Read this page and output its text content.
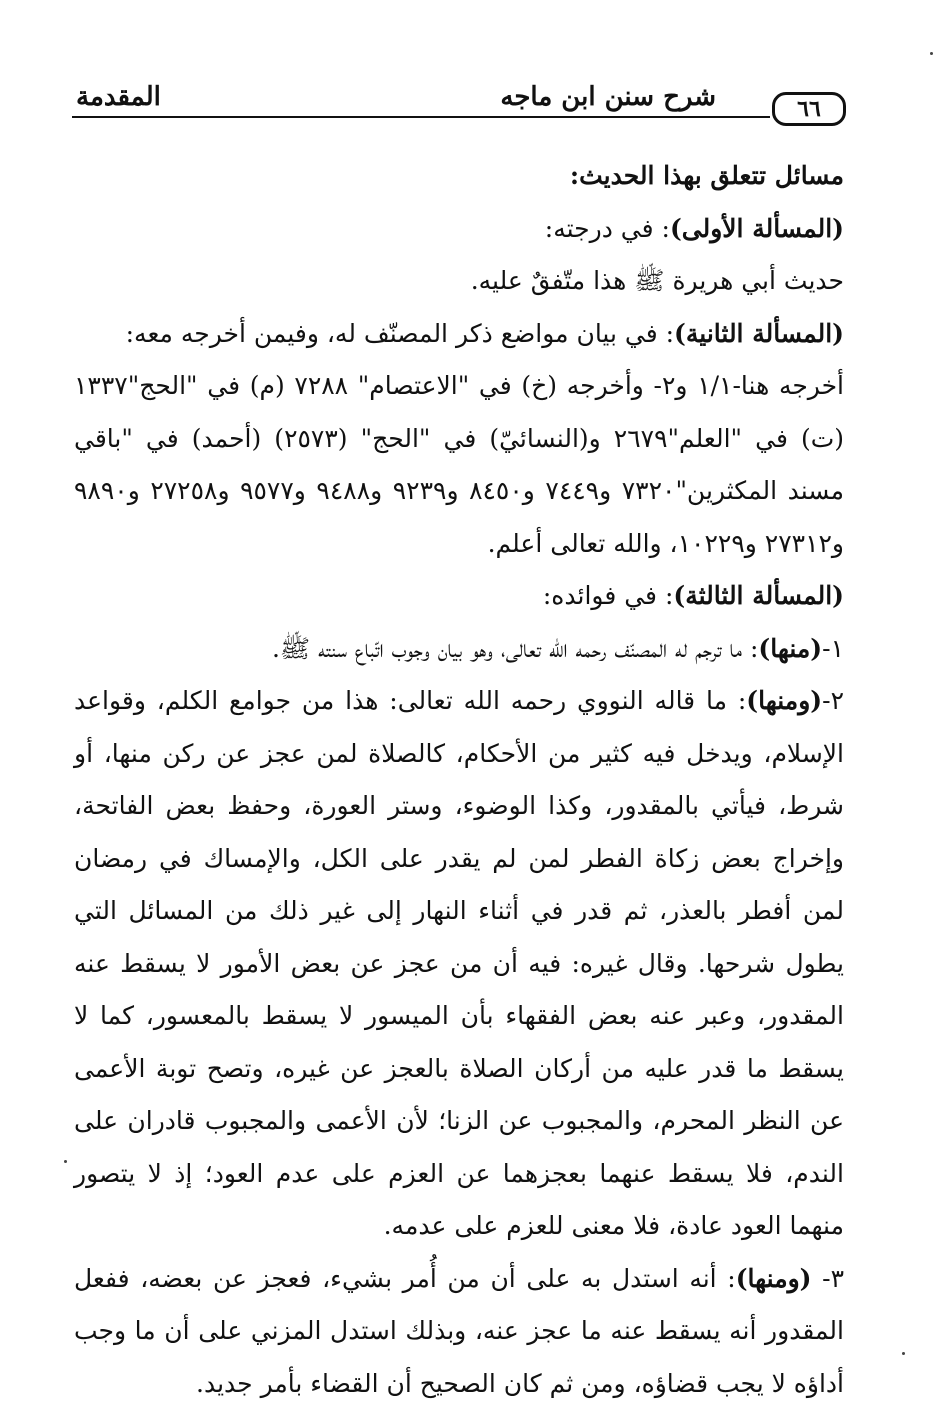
٦٦
شرح سنن ابن ماجه
المقدمة

مسائل تتعلق بهذا الحديث:

(المسألة الأولى): في درجته:

حديث أبي هريرة ﷺ هذا متّفقٌ عليه.

(المسألة الثانية): في بيان مواضع ذكر المصنّف له، وفيمن أخرجه معه:

أخرجه هنا-١/١ و٢- وأخرجه (خ) في "الاعتصام" ٧٢٨٨ (م) في "الحج"١٣٣٧ (ت) في "العلم"٢٦٧٩ و(النسائيّ) في "الحج" (٢٥٧٣) (أحمد) في "باقي مسند المكثرين"٧٣٢٠ و٧٤٤٩ و٨٤٥٠ و٩٢٣٩ و٩٤٨٨ و٩٥٧٧ و٢٧٢٥٨ و٩٨٩٠ و٢٧٣١٢ و١٠٢٢٩، والله تعالى أعلم.

(المسألة الثالثة): في فوائده:

١-(منها): ما ترجم له المصنّف رحمه الله تعالى، وهو بيان وجوب اتّباع سنته ﷺ.

٢-(ومنها): ما قاله النووي رحمه الله تعالى: هذا من جوامع الكلم، وقواعد الإسلام، ويدخل فيه كثير من الأحكام، كالصلاة لمن عجز عن ركن منها، أو شرط، فيأتي بالمقدور، وكذا الوضوء، وستر العورة، وحفظ بعض الفاتحة، وإخراج بعض زكاة الفطر لمن لم يقدر على الكل، والإمساك في رمضان لمن أفطر بالعذر، ثم قدر في أثناء النهار إلى غير ذلك من المسائل التي يطول شرحها. وقال غيره: فيه أن من عجز عن بعض الأمور لا يسقط عنه المقدور، وعبر عنه بعض الفقهاء بأن الميسور لا يسقط بالمعسور، كما لا يسقط ما قدر عليه من أركان الصلاة بالعجز عن غيره، وتصح توبة الأعمى عن النظر المحرم، والمجبوب عن الزنا؛ لأن الأعمى والمجبوب قادران على الندم، فلا يسقط عنهما بعجزهما عن العزم على عدم العود؛ إذ لا يتصور منهما العود عادة، فلا معنى للعزم على عدمه.

٣- (ومنها): أنه استدل به على أن من أُمر بشيء، فعجز عن بعضه، ففعل المقدور أنه يسقط عنه ما عجز عنه، وبذلك استدل المزني على أن ما وجب أداؤه لا يجب قضاؤه، ومن ثم كان الصحيح أن القضاء بأمر جديد.
